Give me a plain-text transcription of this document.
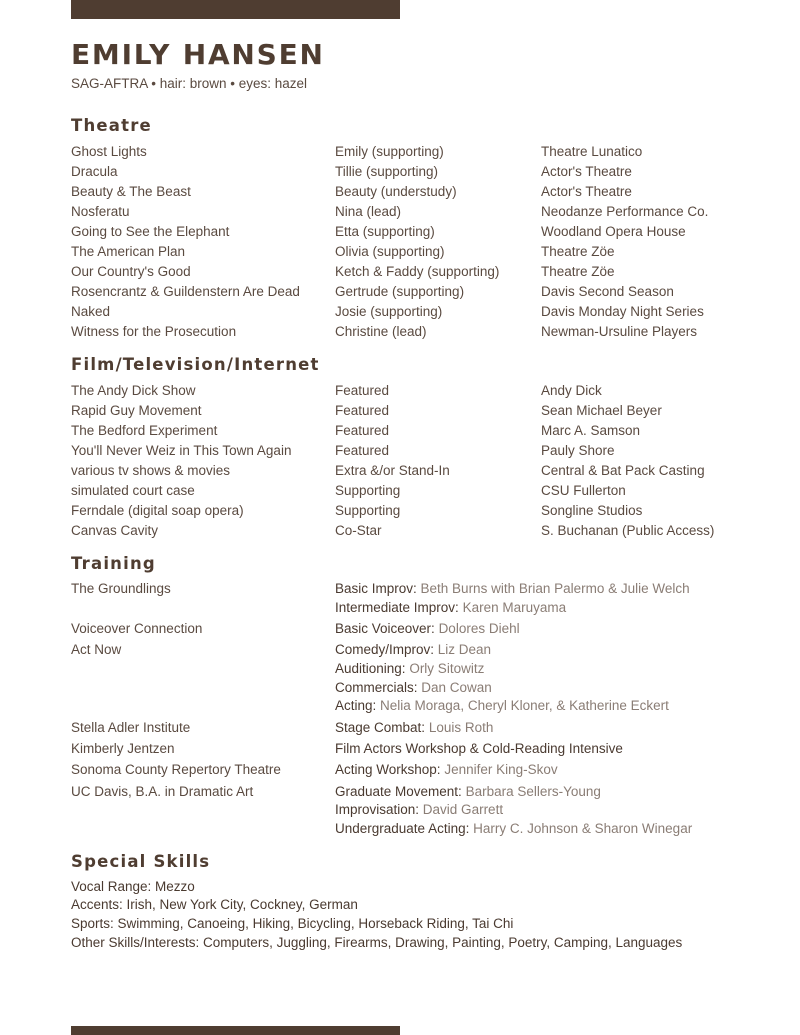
EMILY HANSEN
SAG-AFTRA • hair: brown • eyes: hazel
Theatre
Ghost Lights	Emily (supporting)	Theatre Lunatico
Dracula	Tillie (supporting)	Actor's Theatre
Beauty & The Beast	Beauty (understudy)	Actor's Theatre
Nosferatu	Nina (lead)	Neodanze Performance Co.
Going to See the Elephant	Etta (supporting)	Woodland Opera House
The American Plan	Olivia (supporting)	Theatre Zöe
Our Country's Good	Ketch & Faddy (supporting)	Theatre Zöe
Rosencrantz & Guildenstern Are Dead	Gertrude (supporting)	Davis Second Season
Naked	Josie (supporting)	Davis Monday Night Series
Witness for the Prosecution	Christine (lead)	Newman-Ursuline Players
Film/Television/Internet
The Andy Dick Show	Featured	Andy Dick
Rapid Guy Movement	Featured	Sean Michael Beyer
The Bedford Experiment	Featured	Marc A. Samson
You'll Never Weiz in This Town Again	Featured	Pauly Shore
various tv shows & movies	Extra &/or Stand-In	Central & Bat Pack Casting
simulated court case	Supporting	CSU Fullerton
Ferndale (digital soap opera)	Supporting	Songline Studios
Canvas Cavity	Co-Star	S. Buchanan (Public Access)
Training
The Groundlings	Basic Improv: Beth Burns with Brian Palermo & Julie Welch
Intermediate Improv: Karen Maruyama
Voiceover Connection	Basic Voiceover: Dolores Diehl
Act Now	Comedy/Improv: Liz Dean
Auditioning: Orly Sitowitz
Commercials: Dan Cowan
Acting: Nelia Moraga, Cheryl Kloner, & Katherine Eckert
Stella Adler Institute	Stage Combat: Louis Roth
Kimberly Jentzen	Film Actors Workshop & Cold-Reading Intensive
Sonoma County Repertory Theatre	Acting Workshop: Jennifer King-Skov
UC Davis, B.A. in Dramatic Art	Graduate Movement: Barbara Sellers-Young
Improvisation: David Garrett
Undergraduate Acting: Harry C. Johnson & Sharon Winegar
Special Skills
Vocal Range: Mezzo
Accents: Irish, New York City, Cockney, German
Sports: Swimming, Canoeing, Hiking, Bicycling, Horseback Riding, Tai Chi
Other Skills/Interests: Computers, Juggling, Firearms, Drawing, Painting, Poetry, Camping, Languages
